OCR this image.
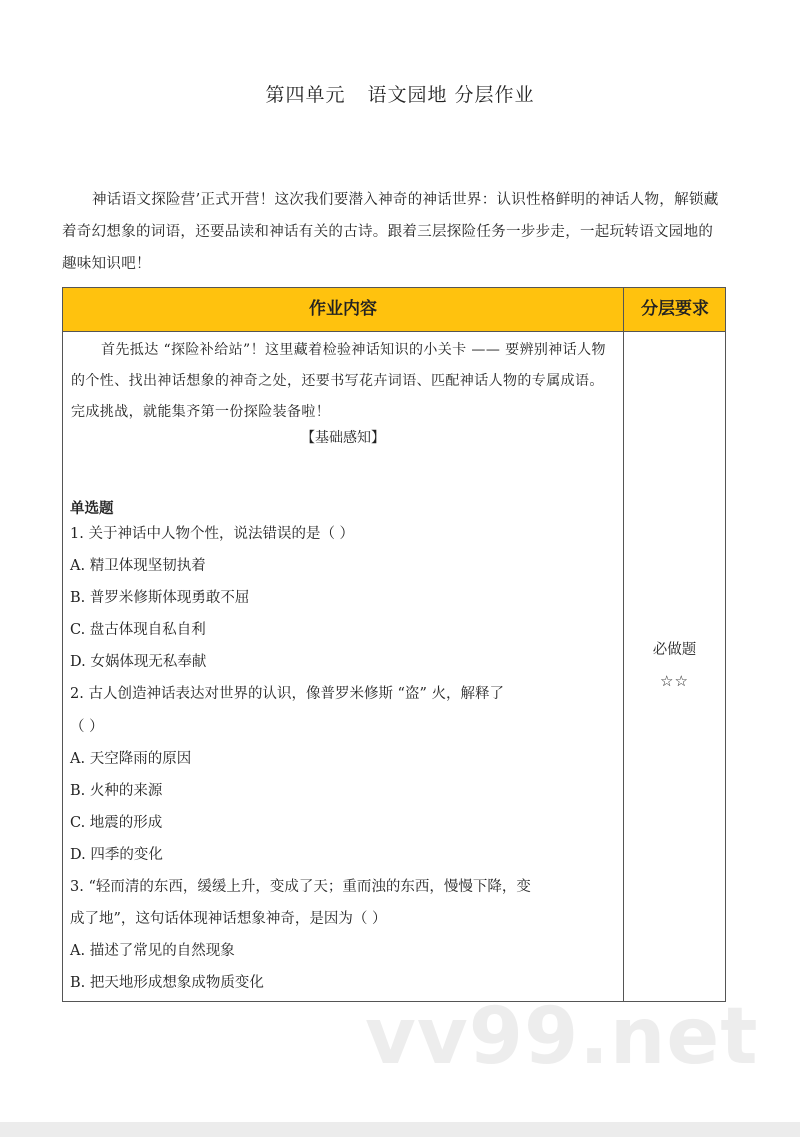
第四单元 语文园地 分层作业
神话语文探险营’正式开营！这次我们要潜入神奇的神话世界：认识性格鲜明的神话人物，解锁藏着奇幻想象的词语，还要品读和神话有关的古诗。跟着三层探险任务一步步走，一起玩转语文园地的趣味知识吧！
作业内容	分层要求
首先抵达 “探险补给站”！这里藏着检验神话知识的小关卡 —— 要辨别神话人物的个性、找出神话想象的神奇之处，还要书写花卉词语、匹配神话人物的专属成语。完成挑战，就能集齐第一份探险装备啦！
【基础感知】
单选题
1. 关于神话中人物个性，说法错误的是（ ）
A. 精卫体现坚韧执着
B. 普罗米修斯体现勇敢不屈
C. 盘古体现自私自利
D. 女娲体现无私奉献
2. 古人创造神话表达对世界的认识，像普罗米修斯 “盗” 火，解释了
（ ）
A. 天空降雨的原因
B. 火种的来源
C. 地震的形成
D. 四季的变化
3. “轻而清的东西，缓缓上升，变成了天；重而浊的东西，慢慢下降，变
成了地”，这句话体现神话想象神奇，是因为（ ）
A. 描述了常见的自然现象
B. 把天地形成想象成物质变化
必做题
☆☆
vv99.net
